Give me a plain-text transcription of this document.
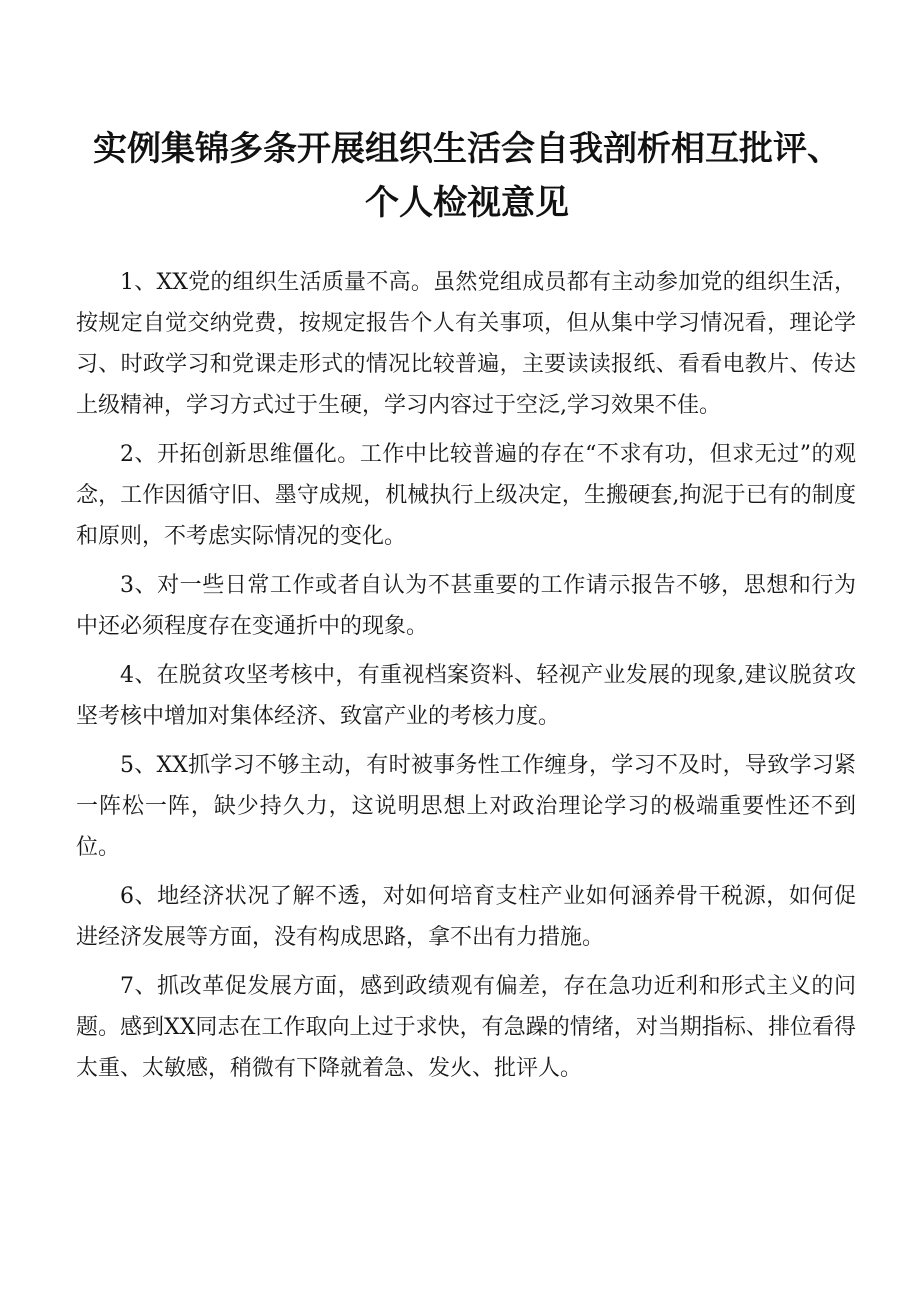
实例集锦多条开展组织生活会自我剖析相互批评、
个人检视意见

1、XX党的组织生活质量不高。虽然党组成员都有主动参加党的组织生活，按规定自觉交纳党费，按规定报告个人有关事项，但从集中学习情况看，理论学习、时政学习和党课走形式的情况比较普遍，主要读读报纸、看看电教片、传达上级精神，学习方式过于生硬，学习内容过于空泛,学习效果不佳。

2、开拓创新思维僵化。工作中比较普遍的存在“不求有功，但求无过”的观念，工作因循守旧、墨守成规，机械执行上级决定，生搬硬套,拘泥于已有的制度和原则，不考虑实际情况的变化。

3、对一些日常工作或者自认为不甚重要的工作请示报告不够，思想和行为中还必须程度存在变通折中的现象。

4、在脱贫攻坚考核中，有重视档案资料、轻视产业发展的现象,建议脱贫攻坚考核中增加对集体经济、致富产业的考核力度。

5、XX抓学习不够主动，有时被事务性工作缠身，学习不及时，导致学习紧一阵松一阵，缺少持久力，这说明思想上对政治理论学习的极端重要性还不到位。

6、地经济状况了解不透，对如何培育支柱产业如何涵养骨干税源，如何促进经济发展等方面，没有构成思路，拿不出有力措施。

7、抓改革促发展方面，感到政绩观有偏差，存在急功近利和形式主义的问题。感到XX同志在工作取向上过于求快，有急躁的情绪，对当期指标、排位看得太重、太敏感，稍微有下降就着急、发火、批评人。
